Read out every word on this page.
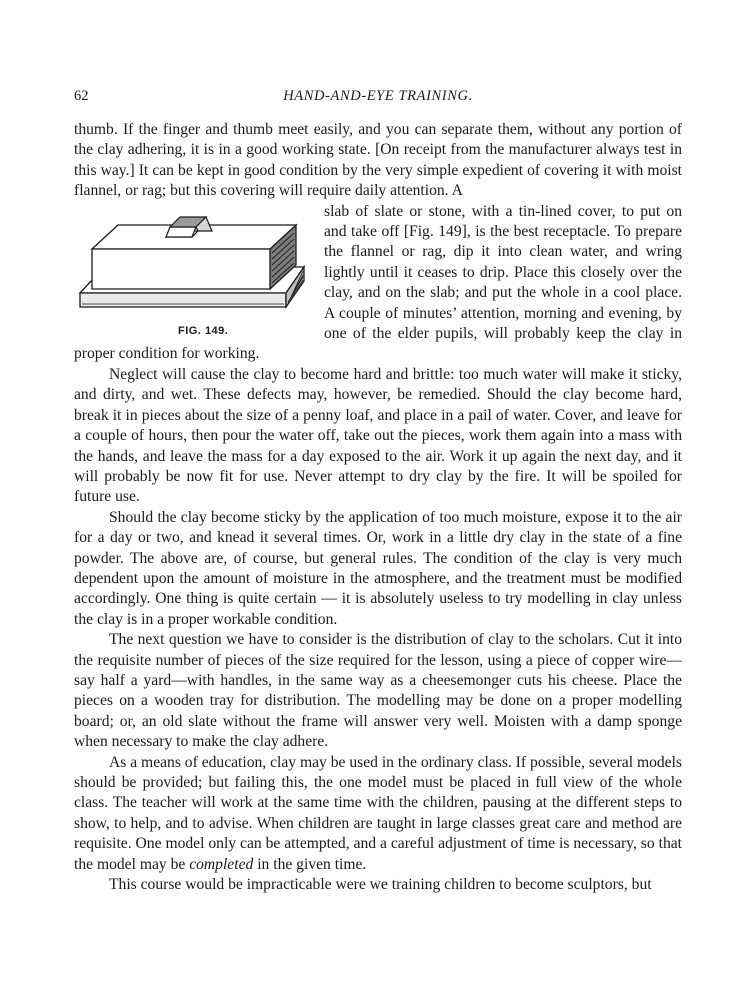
62	HAND-AND-EYE TRAINING.

thumb. If the finger and thumb meet easily, and you can separate them, without any portion of the clay adhering, it is in a good working state. [On receipt from the manufacturer always test in this way.] It can be kept in good condition by the very simple expedient of covering it with moist flannel, or rag; but this covering will require daily attention. A

FIG. 149.

slab of slate or stone, with a tin-lined cover, to put on and take off [Fig. 149], is the best receptacle. To prepare the flannel or rag, dip it into clean water, and wring lightly until it ceases to drip. Place this closely over the clay, and on the slab; and put the whole in a cool place. A couple of minutes’ attention, morning and evening, by one of the elder pupils, will probably keep the clay in proper condition for working.

Neglect will cause the clay to become hard and brittle: too much water will make it sticky, and dirty, and wet. These defects may, however, be remedied. Should the clay become hard, break it in pieces about the size of a penny loaf, and place in a pail of water. Cover, and leave for a couple of hours, then pour the water off, take out the pieces, work them again into a mass with the hands, and leave the mass for a day exposed to the air. Work it up again the next day, and it will probably be now fit for use. Never attempt to dry clay by the fire. It will be spoiled for future use.

Should the clay become sticky by the application of too much moisture, expose it to the air for a day or two, and knead it several times. Or, work in a little dry clay in the state of a fine powder. The above are, of course, but general rules. The condition of the clay is very much dependent upon the amount of moisture in the atmosphere, and the treatment must be modified accordingly. One thing is quite certain — it is absolutely useless to try modelling in clay unless the clay is in a proper workable condition.

The next question we have to consider is the distribution of clay to the scholars. Cut it into the requisite number of pieces of the size required for the lesson, using a piece of copper wire—say half a yard—with handles, in the same way as a cheesemonger cuts his cheese. Place the pieces on a wooden tray for distribution. The modelling may be done on a proper modelling board; or, an old slate without the frame will answer very well. Moisten with a damp sponge when necessary to make the clay adhere.

As a means of education, clay may be used in the ordinary class. If possible, several models should be provided; but failing this, the one model must be placed in full view of the whole class. The teacher will work at the same time with the children, pausing at the different steps to show, to help, and to advise. When children are taught in large classes great care and method are requisite. One model only can be attempted, and a careful adjustment of time is necessary, so that the model may be completed in the given time.

This course would be impracticable were we training children to become sculptors, but
